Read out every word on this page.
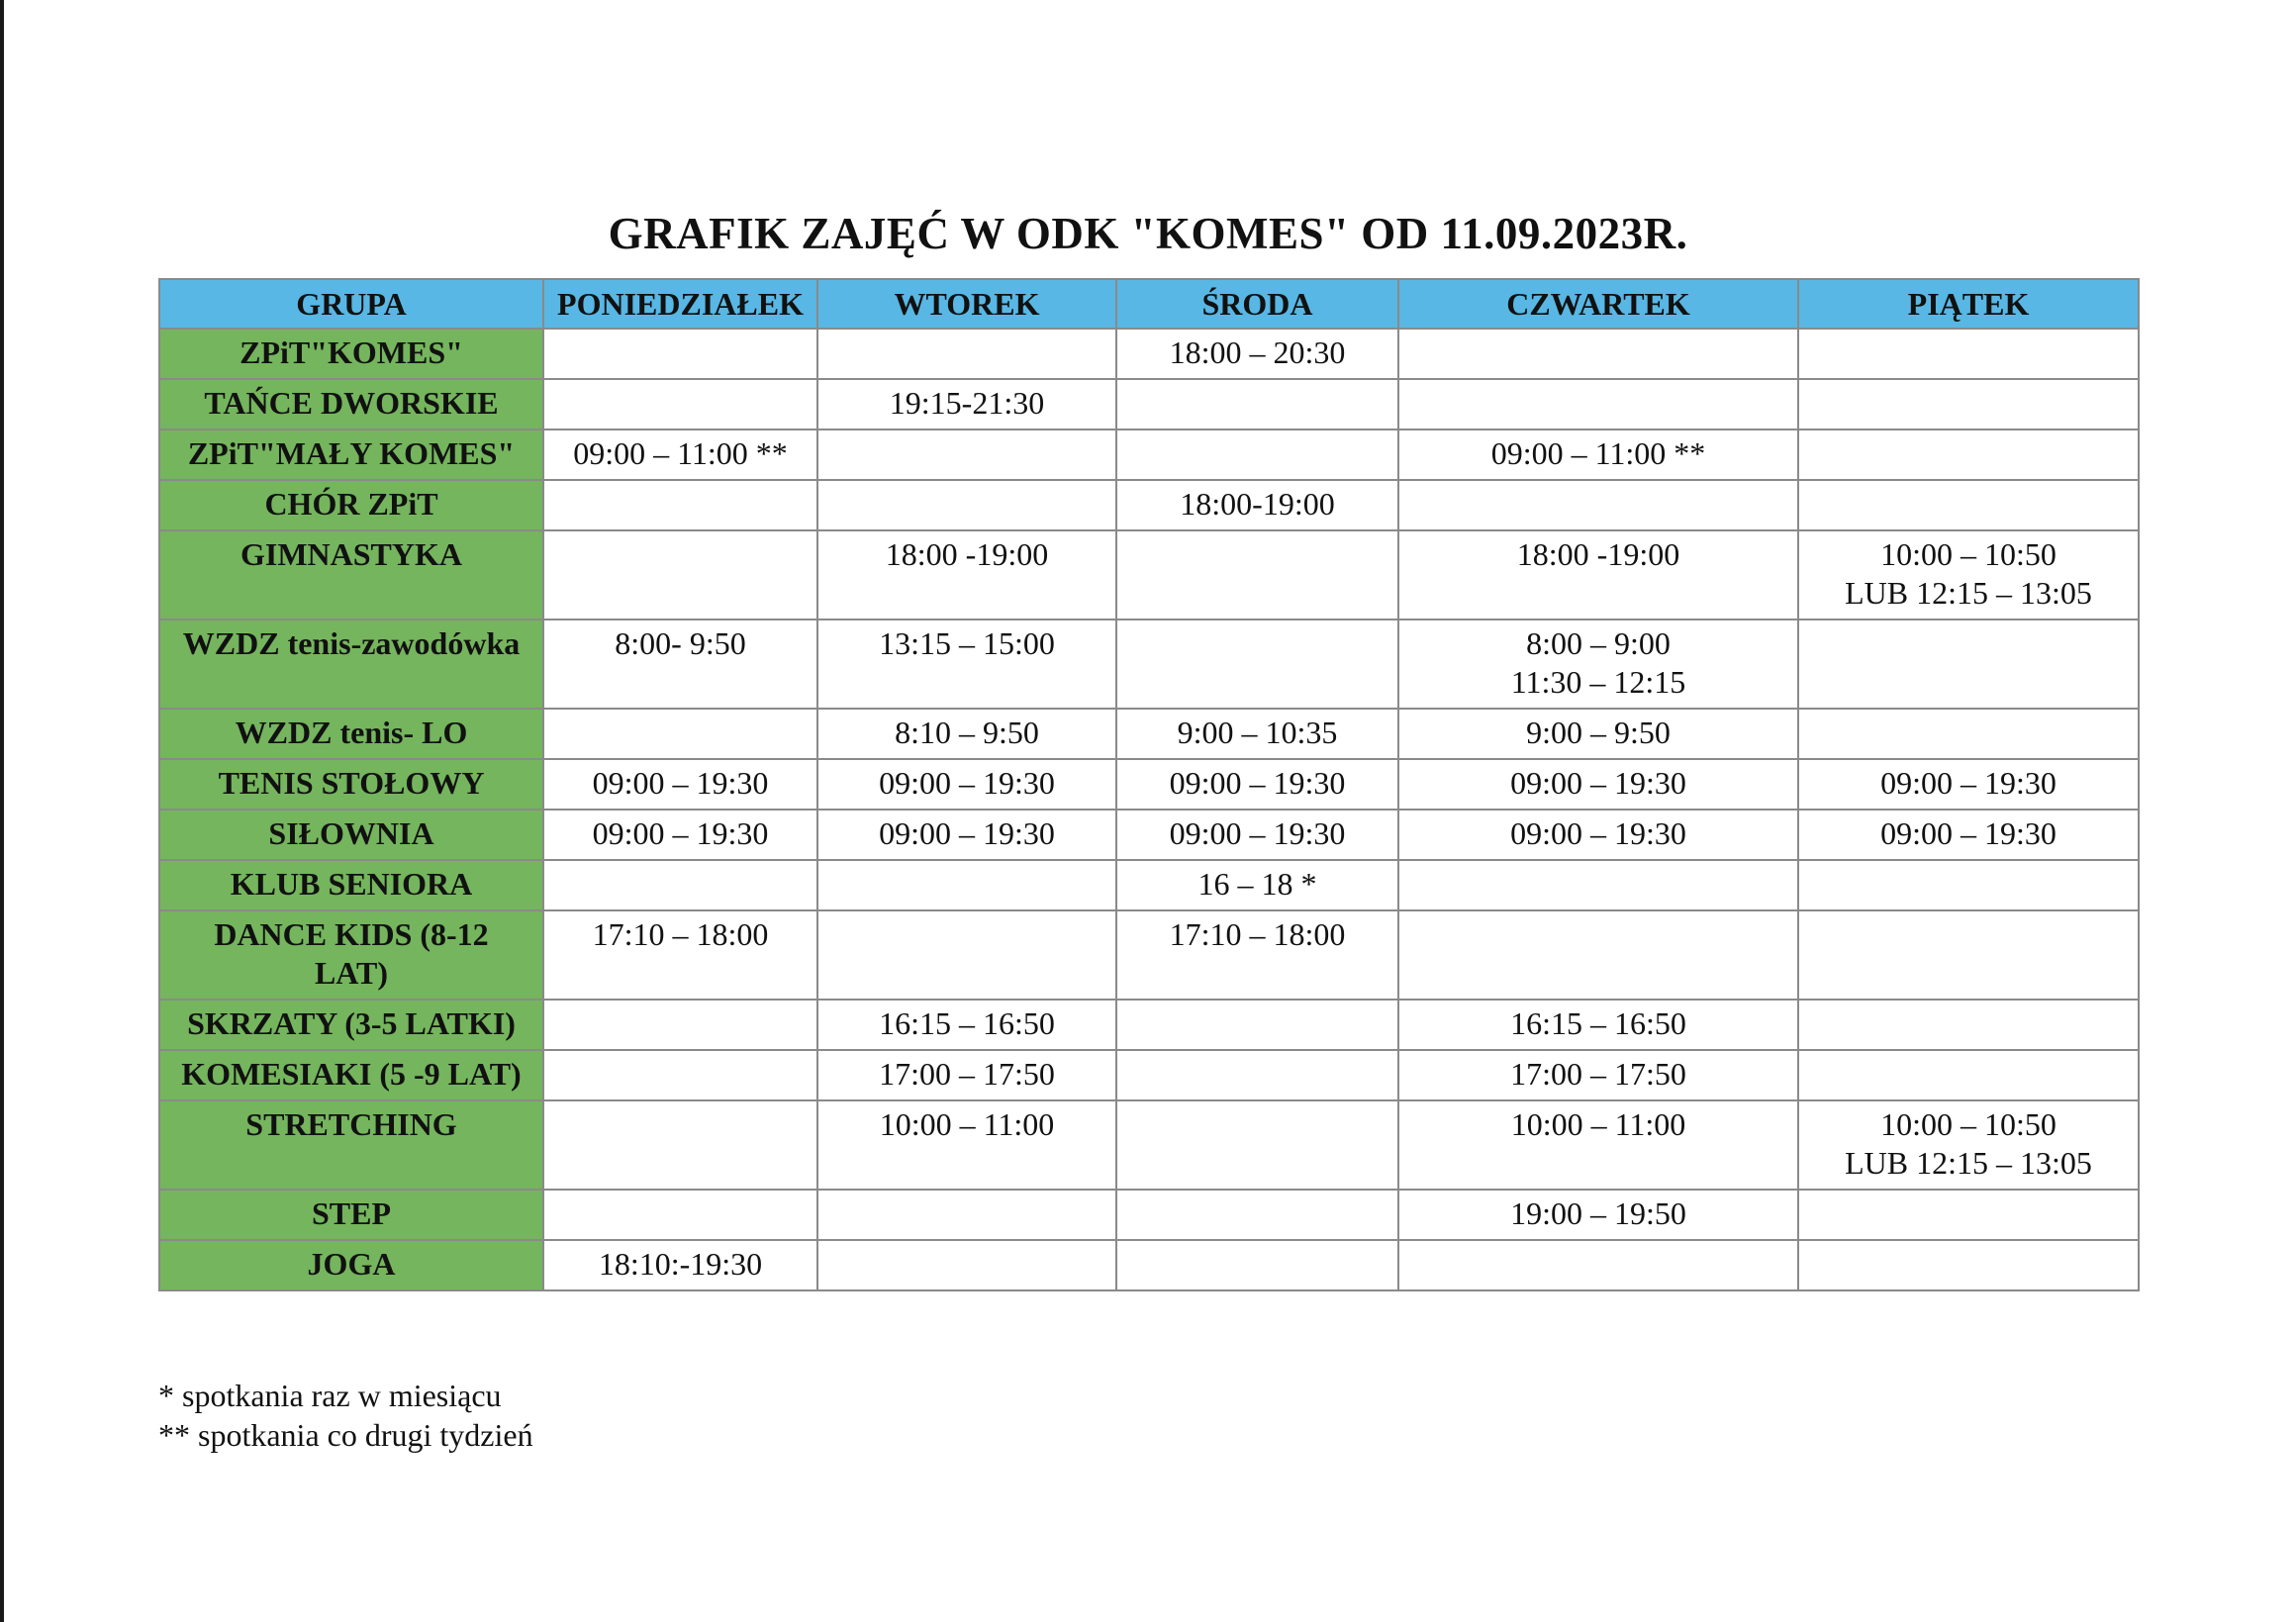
GRAFIK ZAJĘĆ W ODK "KOMES" OD 11.09.2023R.
GRUPA	PONIEDZIAŁEK	WTOREK	ŚRODA	CZWARTEK	PIĄTEK
ZPiT"KOMES"			18:00 – 20:30		
TAŃCE DWORSKIE		19:15-21:30			
ZPiT"MAŁY KOMES"	09:00 – 11:00 **			09:00 – 11:00 **	
CHÓR ZPiT			18:00-19:00		
GIMNASTYKA		18:00 -19:00		18:00 -19:00	10:00 – 10:50
LUB 12:15 – 13:05

WZDZ tenis-zawodówka	8:00- 9:50	13:15 – 15:00		8:00 – 9:00
11:30 – 12:15	

WZDZ tenis- LO		8:10 – 9:50	9:00 – 10:35	9:00 – 9:50	
TENIS STOŁOWY	09:00 – 19:30	09:00 – 19:30	09:00 – 19:30	09:00 – 19:30	09:00 – 19:30
SIŁOWNIA	09:00 – 19:30	09:00 – 19:30	09:00 – 19:30	09:00 – 19:30	09:00 – 19:30
KLUB SENIORA			16 – 18 *		

DANCE KIDS (8-12
LAT)	17:10 – 18:00		17:10 – 18:00		
SKRZATY (3-5 LATKI)		16:15 – 16:50		16:15 – 16:50	
KOMESIAKI (5 -9 LAT)		17:00 – 17:50		17:00 – 17:50	
STRETCHING		10:00 – 11:00		10:00 – 11:00	10:00 – 10:50
LUB 12:15 – 13:05

STEP				19:00 – 19:50	
JOGA	18:10:-19:30				
* spotkania raz w miesiącu
** spotkania co drugi tydzień
